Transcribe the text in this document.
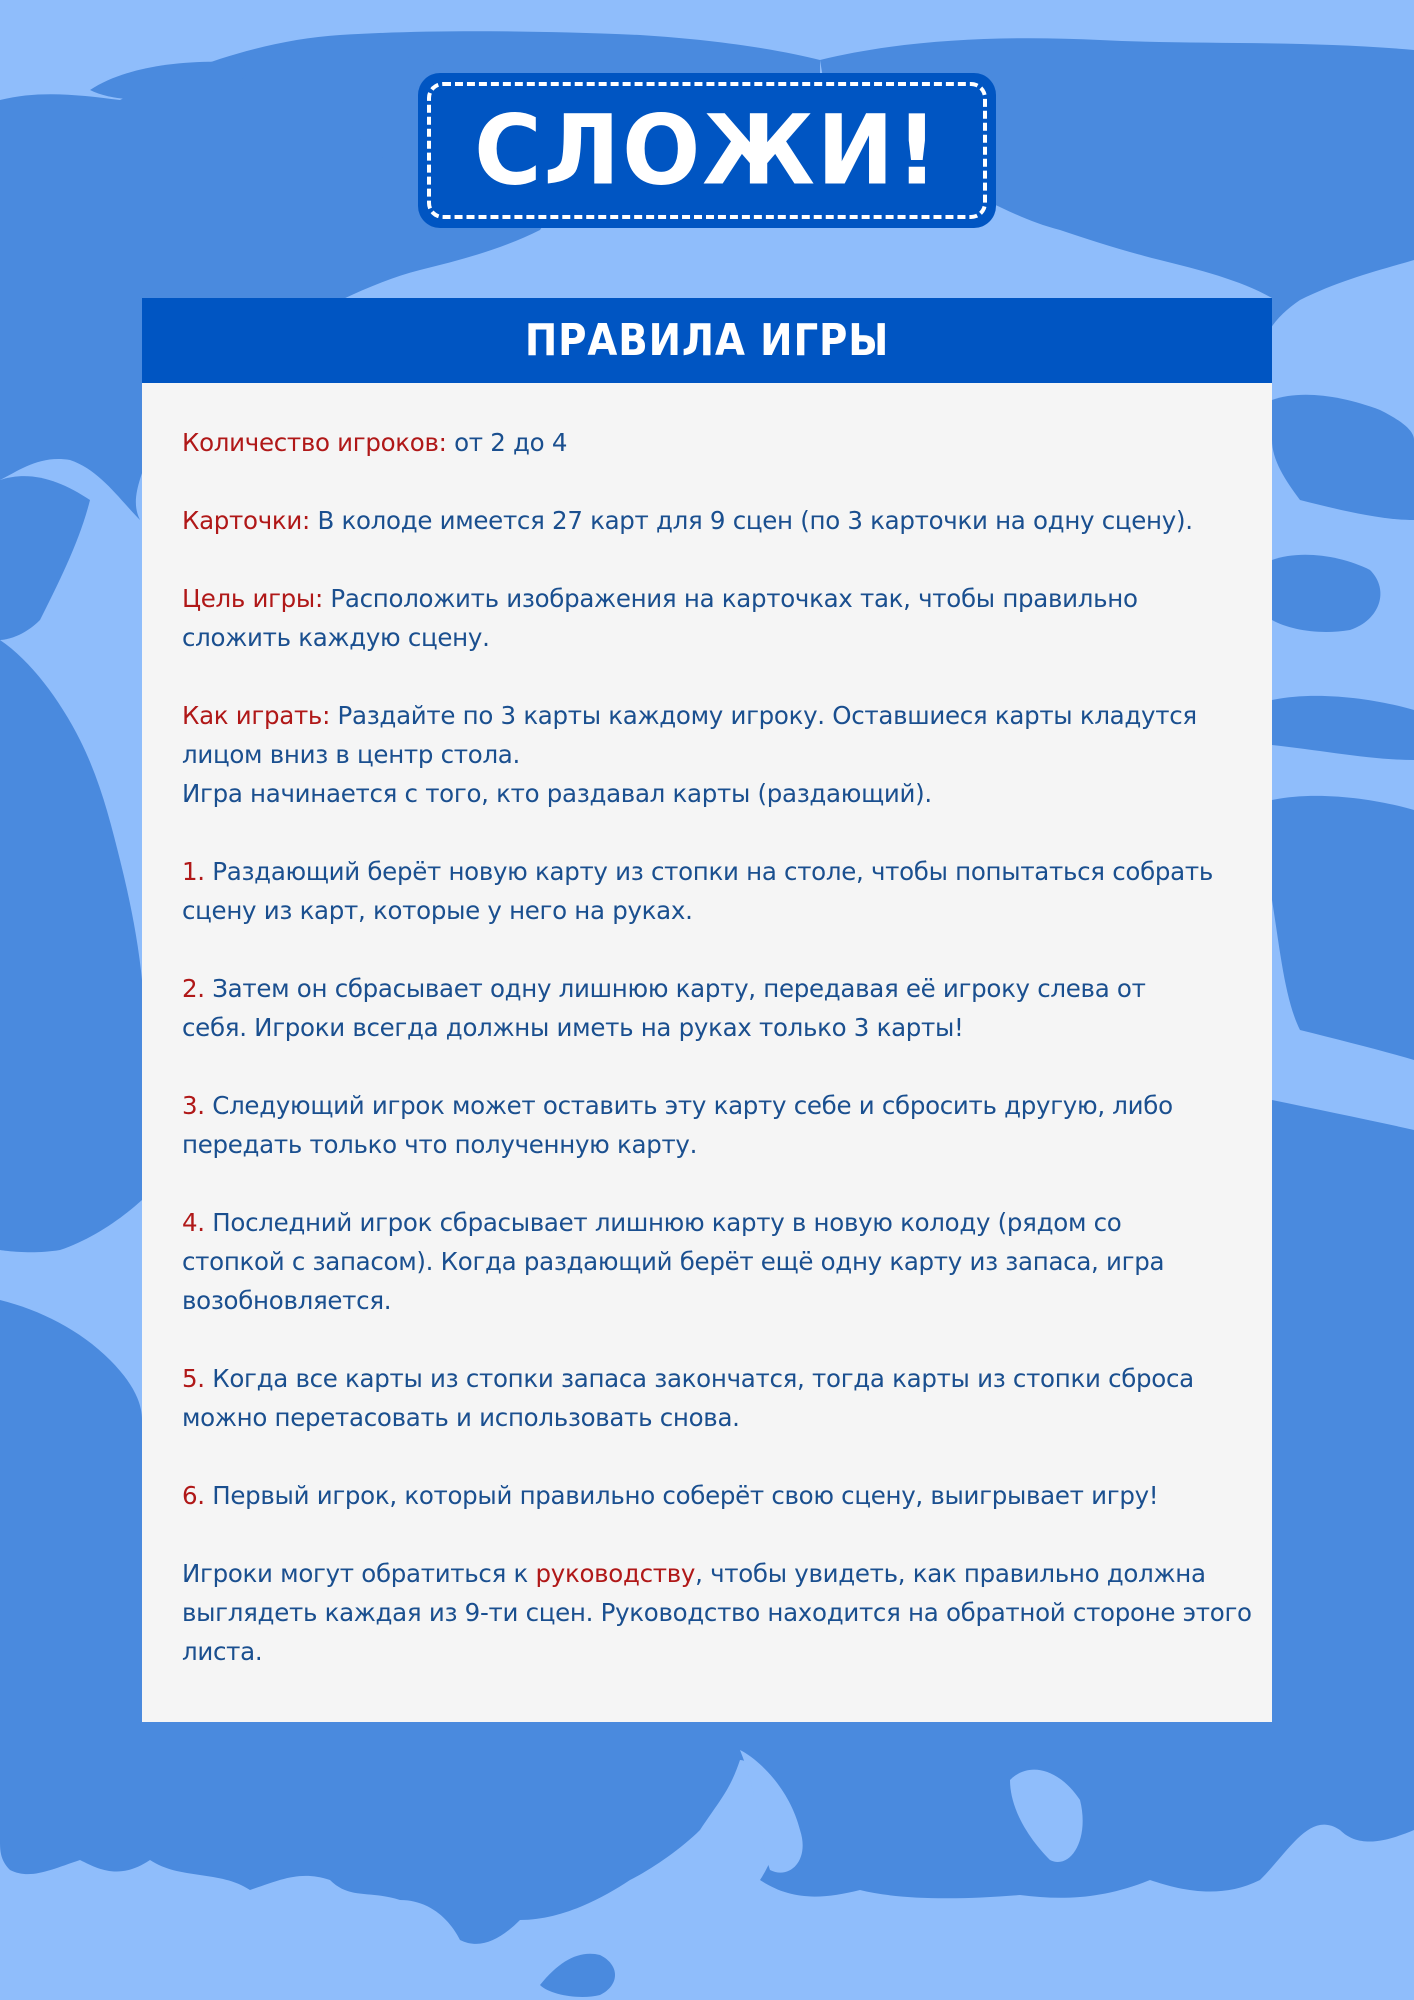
СЛОЖИ!
ПРАВИЛА ИГРЫ
Количество игроков: от 2 до 4
Карточки: В колоде имеется 27 карт для 9 сцен (по 3 карточки на одну сцену).
Цель игры: Расположить изображения на карточках так, чтобы правильно сложить каждую сцену.
Как играть: Раздайте по 3 карты каждому игроку. Оставшиеся карты кладутся лицом вниз в центр стола.
Игра начинается с того, кто раздавал карты (раздающий).
1. Раздающий берёт новую карту из стопки на столе, чтобы попытаться собрать сцену из карт, которые у него на руках.
2. Затем он сбрасывает одну лишнюю карту, передавая её игроку слева от себя. Игроки всегда должны иметь на руках только 3 карты!
3. Следующий игрок может оставить эту карту себе и сбросить другую, либо передать только что полученную карту.
4. Последний игрок сбрасывает лишнюю карту в новую колоду (рядом со стопкой с запасом). Когда раздающий берёт ещё одну карту из запаса, игра возобновляется.
5. Когда все карты из стопки запаса закончатся, тогда карты из стопки сброса можно перетасовать и использовать снова.
6. Первый игрок, который правильно соберёт свою сцену, выигрывает игру!
Игроки могут обратиться к руководству, чтобы увидеть, как правильно должна выглядеть каждая из 9-ти сцен. Руководство находится на обратной стороне этого листа.
